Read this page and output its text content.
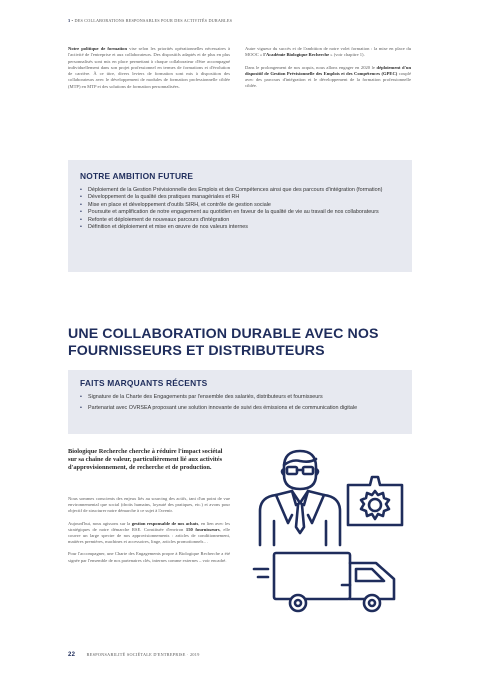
3 • DES COLLABORATIONS RESPONSABLES POUR DES ACTIVITÉS DURABLES

Notre politique de formation vise selon les priorités opérationnelles nécessaires à l'activité de l'entreprise et aux collaborateurs. Des dispositifs adaptés et de plus en plus personnalisés sont mis en place permettant à chaque collaborateur d'être accompagné individuellement dans son projet professionnel en termes de formations et d'évolution de carrière. À ce titre, divers leviers de formation sont mis à disposition des collaborateurs avec le développement de modules de formation professionnelle ciblée (MTP) en MTP et des solutions de formation personnalisées.

Autre vigueur du succès et de l'ambition de notre volet formation : la mise en place du MOOC « l'Académie Biologique Recherche » (voir chapitre 1).

Dans le prolongement de nos acquis, nous allons engager en 2020 le déploiement d'un dispositif de Gestion Prévisionnelle des Emplois et des Compétences (GPEC) couplé avec des parcours d'intégration et le développement de la formation professionnelle ciblée.

NOTRE AMBITION FUTURE
• Déploiement de la Gestion Prévisionnelle des Emplois et des Compétences ainsi que des parcours d'intégration (formation)
• Développement de la qualité des pratiques managériales et RH
• Mise en place et développement d'outils SIRH, et contrôle de gestion sociale
• Poursuite et amplification de notre engagement au quotidien en faveur de la qualité de vie au travail de nos collaborateurs
• Refonte et déploiement de nouveaux parcours d'intégration
• Définition et déploiement et mise en œuvre de nos valeurs internes
UNE COLLABORATION DURABLE AVEC NOS FOURNISSEURS ET DISTRIBUTEURS
FAITS MARQUANTS RÉCENTS
• Signature de la Charte des Engagements par l'ensemble des salariés, distributeurs et fournisseurs
• Partenariat avec OVRSEA proposant une solution innovante de suivi des émissions et de communication digitale
Biologique Recherche cherche à réduire l'impact sociétal sur sa chaîne de valeur, particulièrement lié aux activités d'approvisionnement, de recherche et de production.

Nous sommes conscients des enjeux liés au sourcing des actifs, tant d'un point de vue environnemental que social (droits humains, loyauté des pratiques, etc.) et avons pour objectif de structurer notre démarche à ce sujet à l'avenir.

Aujourd'hui, nous agissons sur la gestion responsable de nos achats, en lien avec les stratégiques de notre démarche RSE. Constituée d'environ 150 fournisseurs, elle couvre un large spectre de nos approvisionnements : articles de conditionnement, matières premières, machines et accessoires, linge, articles promotionnels…

Pour l'accompagner, une Charte des Engagements propre à Biologique Recherche a été signée par l'ensemble de nos partenaires clés, internes comme externes – voir encadré.

22	RESPONSABILITÉ SOCIÉTALE D'ENTREPRISE · 2019
